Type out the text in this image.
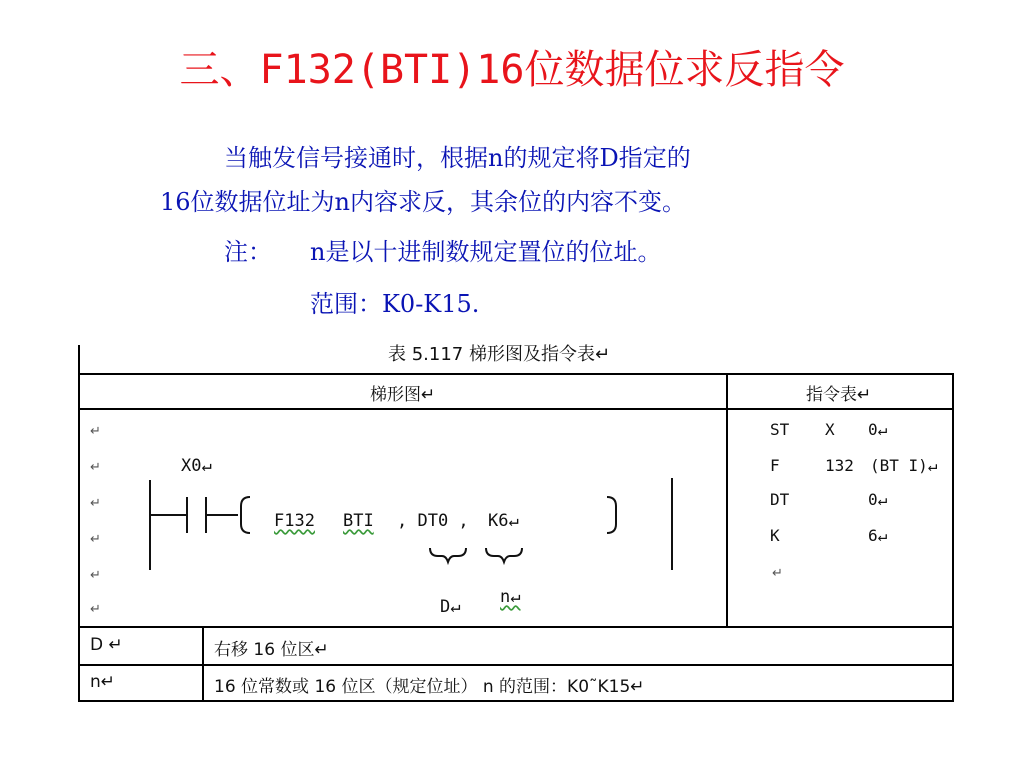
三、F132(BTI)16位数据位求反指令
当触发信号接通时，根据n的规定将D指定的
16位数据位址为n内容求反，其余位的内容不变。
注： n是以十进制数规定置位的位址。
范围：K0-K15.
表 5.117 梯形图及指令表↵
梯形图↵	指令表↵
↵
↵
↵
↵
↵
↵
X0↵
F132 BTI , DT0 , K6↵
D↵ n↵
ST X 0↵
F	132 (BT I)↵
DT	0↵
K	6↵
↵
D ↵	右移 16 位区↵
n↵	16 位常数或 16 位区（规定位址） n 的范围：K0˜K15↵
